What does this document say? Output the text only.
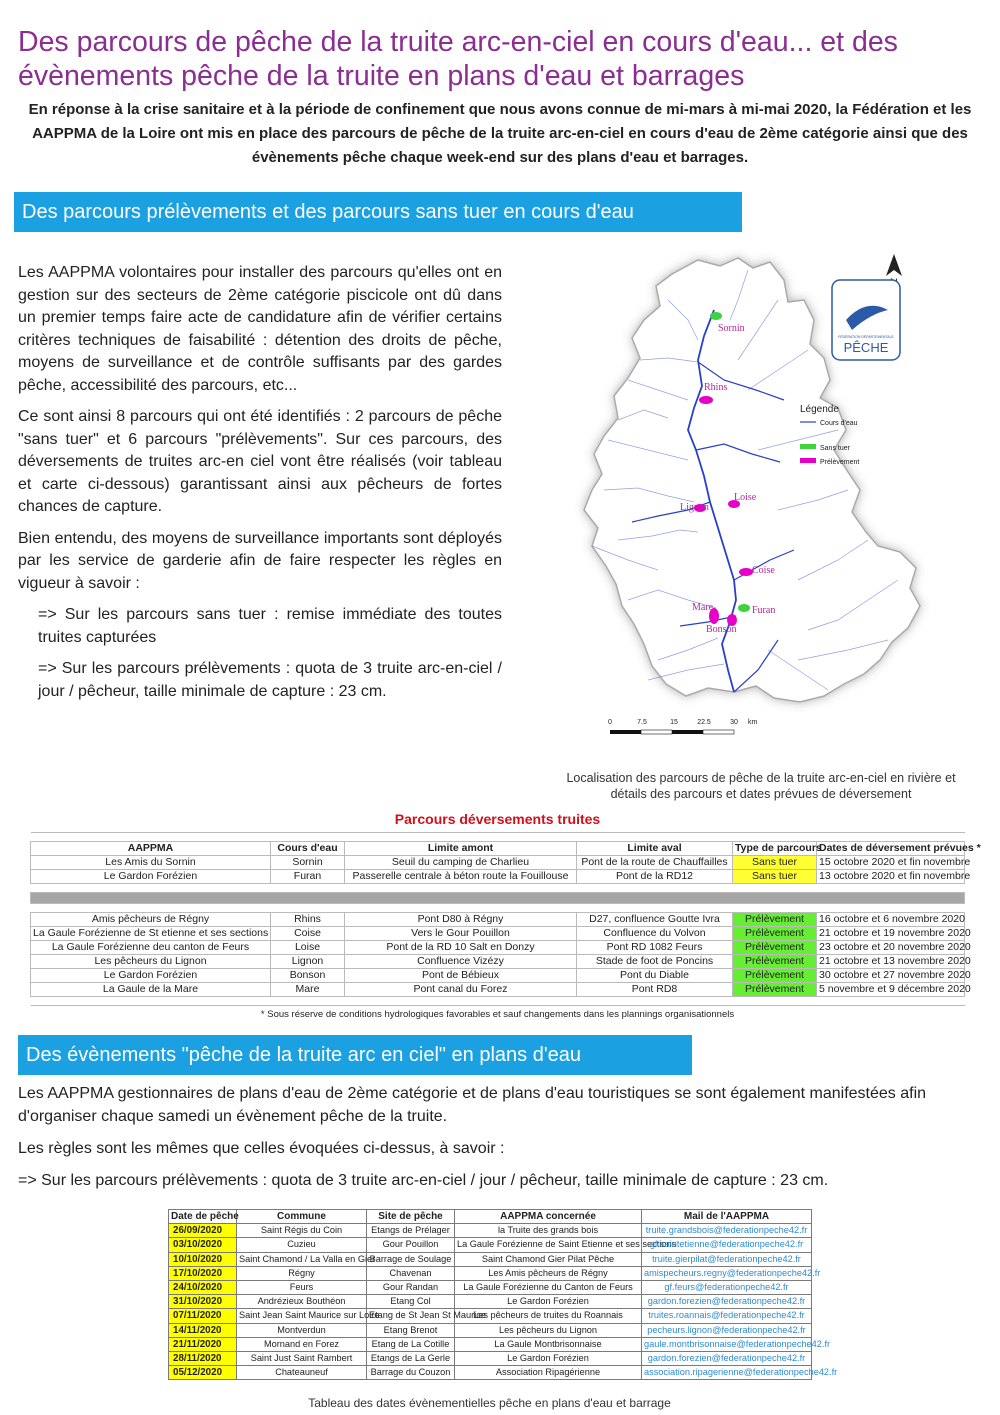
Des parcours de pêche de la truite arc-en-ciel en cours d'eau... et des évènements pêche de la truite en plans d'eau et barrages
En réponse à la crise sanitaire et à la période de confinement que nous avons connue de mi-mars à mi-mai 2020, la Fédération et les AAPPMA de la Loire ont mis en place des parcours de pêche de la truite arc-en-ciel en cours d'eau de 2ème catégorie ainsi que des évènements pêche chaque week-end sur des plans d'eau et barrages.
Des parcours prélèvements et des parcours sans tuer en cours d'eau

Les AAPPMA volontaires pour installer des parcours qu'elles ont en gestion sur des secteurs de 2ème catégorie piscicole ont dû dans un premier temps faire acte de candidature afin de vérifier certains critères techniques de faisabilité : détention des droits de pêche, moyens de surveillance et de contrôle suffisants par des gardes pêche, accessibilité des parcours, etc...

Ce sont ainsi 8 parcours qui ont été identifiés : 2 parcours de pêche "sans tuer" et 6 parcours "prélèvements". Sur ces parcours, des déversements de truites arc-en ciel vont être réalisés (voir tableau et carte ci-dessous) garantissant ainsi aux pêcheurs de fortes chances de capture.

Bien entendu, des moyens de surveillance importants sont déployés par les service de garderie afin de faire respecter les règles en vigueur à savoir :

=> Sur les parcours sans tuer : remise immédiate des toutes truites capturées

=> Sur les parcours prélèvements : quota de 3 truite arc-en-ciel / jour / pêcheur, taille minimale de capture : 23 cm.

42
FÉDÉRATION DÉPARTEMENTALE
PÊCHE
Légende
Cours d'eau
Sans tuer
Prélèvement
Sornin
Rhins
Lignon
Loise
Coise
Mare	Furan
Bonson
0	7.5	15	22.5	30 km
Localisation des parcours de pêche de la truite arc-en-ciel en rivière et détails des parcours et dates prévues de déversement
Parcours déversements truites					

AAPPMA	Cours d'eau	Limite amont	Limite aval	Type de parcours	Dates de déversement prévues *
Les Amis du Sornin	Sornin	Seuil du camping de Charlieu	Pont de la route de Chauffailles	Sans tuer	15 octobre 2020 et fin novembre
Le Gardon Forézien	Furan	Passerelle centrale à béton route la Fouillouse	Pont de la RD12	Sans tuer	13 octobre 2020 et fin novembre

Amis pêcheurs de Régny	Rhins	Pont D80 à Régny	D27, confluence Goutte Ivra	Prélèvement	16 octobre et 6 novembre 2020
La Gaule Forézienne de St etienne et ses sections	Coise	Vers le Gour Pouillon	Confluence du Volvon	Prélèvement	21 octobre et 19 novembre 2020
La Gaule Forézienne deu canton de Feurs	Loise	Pont de la RD 10 Salt en Donzy	Pont RD 1082 Feurs	Prélèvement	23 octobre et 20 novembre 2020
Les pêcheurs du Lignon	Lignon	Confluence Vizézy	Stade de foot de Poncins	Prélèvement	21 octobre et 13 novembre 2020
Le Gardon Forézien	Bonson	Pont de Bébieux	Pont du Diable	Prélèvement	30 octobre et 27 novembre 2020
La Gaule de la Mare	Mare	Pont canal du Forez	Pont RD8	Prélèvement	5 novembre et 9 décembre 2020

* Sous réserve de conditions hydrologiques favorables et sauf changements dans les plannings organisationnels					
Des évènements "pêche de la truite arc en ciel" en plans d'eau

Les AAPPMA gestionnaires de plans d'eau de 2ème catégorie et de plans d'eau touristiques se sont également manifestées afin d'organiser chaque samedi un évènement pêche de la truite.

Les règles sont les mêmes que celles évoquées ci-dessus, à savoir :

=> Sur les parcours prélèvements : quota de 3 truite arc-en-ciel / jour / pêcheur, taille minimale de capture : 23 cm.

Date de pêche	Commune	Site de pêche	AAPPMA concernée	Mail de l'AAPPMA
26/09/2020	Saint Régis du Coin	Etangs de Prélager	la Truite des grands bois	truite.grandsbois@federationpeche42.fr
03/10/2020	Cuzieu	Gour Pouillon	La Gaule Forézienne de Saint Etienne et ses sections	gf.saintetienne@federationpeche42.fr
10/10/2020	Saint Chamond / La Valla en Gier	Barrage de Soulage	Saint Chamond Gier Pilat Pêche	truite.gierpilat@federationpeche42.fr
17/10/2020	Régny	Chavenan	Les Amis pêcheurs de Régny	amispecheurs.regny@federationpeche42.fr
24/10/2020	Feurs	Gour Randan	La Gaule Forézienne du Canton de Feurs	gf.feurs@federationpeche42.fr
31/10/2020	Andrézieux Bouthéon	Etang Col	Le Gardon Forézien	gardon.forezien@federationpeche42.fr
07/11/2020	Saint Jean Saint Maurice sur Loire	Etang de St Jean St Maurice	Les pêcheurs de truites du Roannais	truites.roannais@federationpeche42.fr
14/11/2020	Montverdun	Etang Brenot	Les pêcheurs du Lignon	pecheurs.lignon@federationpeche42.fr
21/11/2020	Mornand en Forez	Etang de La Cotille	La Gaule Montbrisonnaise	gaule.montbrisonnaise@federationpeche42.fr
28/11/2020	Saint Just Saint Rambert	Etangs de La Gerle	Le Gardon Forézien	gardon.forezien@federationpeche42.fr
05/12/2020	Chateauneuf	Barrage du Couzon	Association Ripagérienne	association.ripagerienne@federationpeche42.fr
Tableau des dates évènementielles pêche en plans d'eau et barrage
